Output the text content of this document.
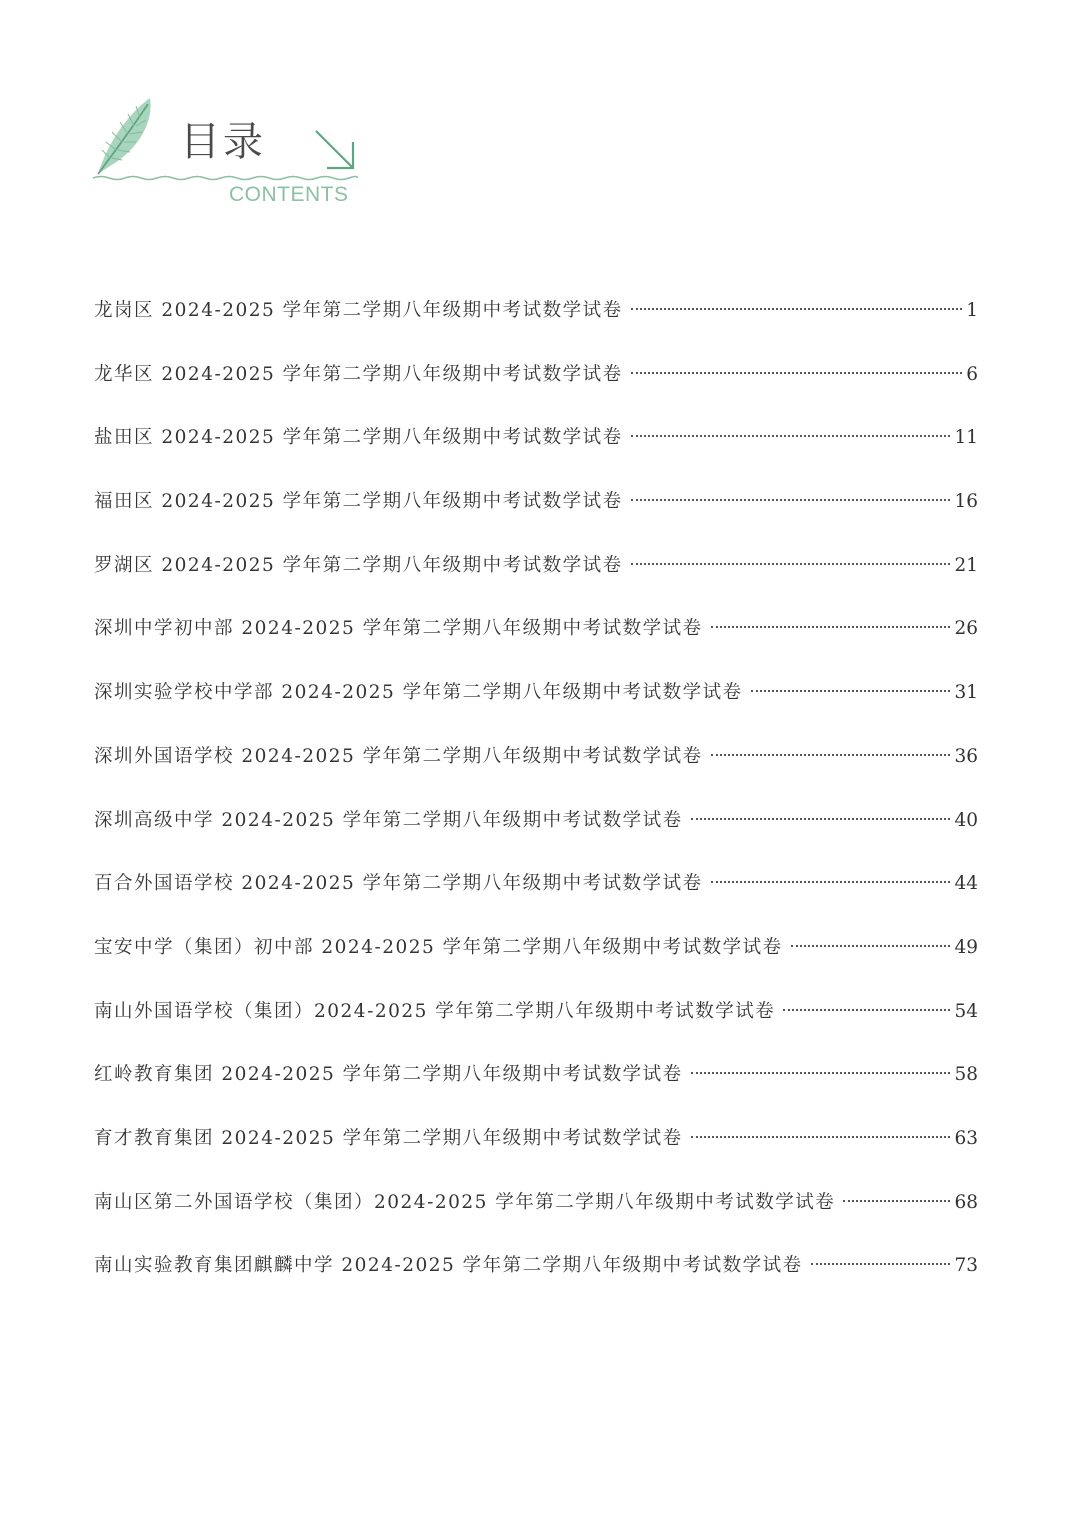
目录
CONTENTS
龙岗区 2024-2025 学年第二学期八年级期中考试数学试卷	1
龙华区 2024-2025 学年第二学期八年级期中考试数学试卷	6
盐田区 2024-2025 学年第二学期八年级期中考试数学试卷	11
福田区 2024-2025 学年第二学期八年级期中考试数学试卷	16
罗湖区 2024-2025 学年第二学期八年级期中考试数学试卷	21
深圳中学初中部 2024-2025 学年第二学期八年级期中考试数学试卷	26
深圳实验学校中学部 2024-2025 学年第二学期八年级期中考试数学试卷	31
深圳外国语学校 2024-2025 学年第二学期八年级期中考试数学试卷	36
深圳高级中学 2024-2025 学年第二学期八年级期中考试数学试卷	40
百合外国语学校 2024-2025 学年第二学期八年级期中考试数学试卷	44
宝安中学（集团）初中部 2024-2025 学年第二学期八年级期中考试数学试卷	49
南山外国语学校（集团）2024-2025 学年第二学期八年级期中考试数学试卷	54
红岭教育集团 2024-2025 学年第二学期八年级期中考试数学试卷	58
育才教育集团 2024-2025 学年第二学期八年级期中考试数学试卷	63
南山区第二外国语学校（集团）2024-2025 学年第二学期八年级期中考试数学试卷	68
南山实验教育集团麒麟中学 2024-2025 学年第二学期八年级期中考试数学试卷	73
